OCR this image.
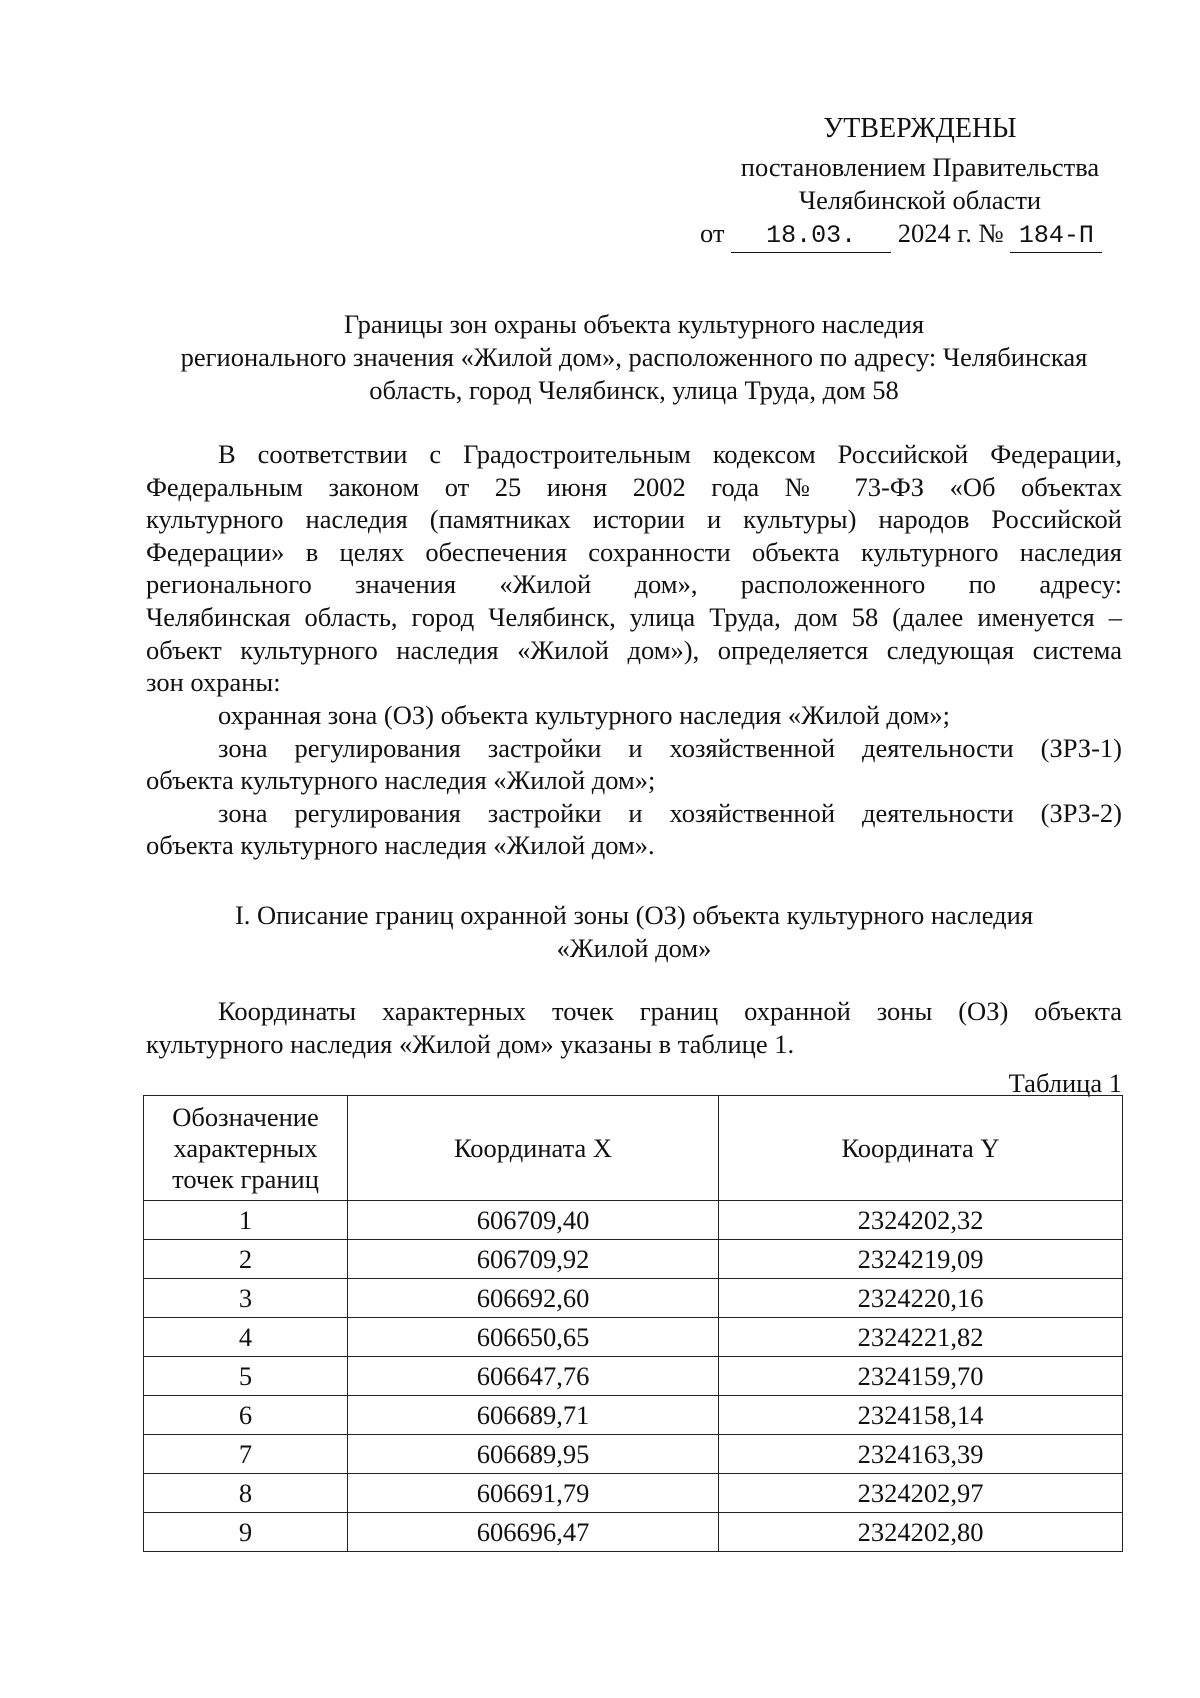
УТВЕРЖДЕНЫ
постановлением Правительства
Челябинской области
от 18.03. 2024 г. № 184-П
Границы зон охраны объекта культурного наследия
регионального значения «Жилой дом», расположенного по адресу: Челябинская
область, город Челябинск, улица Труда, дом 58
В соответствии с Градостроительным кодексом Российской Федерации,
Федеральным законом от 25 июня 2002 года № 73-ФЗ «Об объектах
культурного наследия (памятниках истории и культуры) народов Российской
Федерации» в целях обеспечения сохранности объекта культурного наследия
регионального значения «Жилой дом», расположенного по адресу:
Челябинская область, город Челябинск, улица Труда, дом 58 (далее именуется –
объект культурного наследия «Жилой дом»), определяется следующая система
зон охраны:
охранная зона (ОЗ) объекта культурного наследия «Жилой дом»;
зона регулирования застройки и хозяйственной деятельности (ЗРЗ-1)
объекта культурного наследия «Жилой дом»;
зона регулирования застройки и хозяйственной деятельности (ЗРЗ-2)
объекта культурного наследия «Жилой дом».
I. Описание границ охранной зоны (ОЗ) объекта культурного наследия
«Жилой дом»
Координаты характерных точек границ охранной зоны (ОЗ) объекта
культурного наследия «Жилой дом» указаны в таблице 1.
Таблица 1
Обозначение характерных точек границ	Координата X	Координата Y
1	606709,40	2324202,32
2	606709,92	2324219,09
3	606692,60	2324220,16
4	606650,65	2324221,82
5	606647,76	2324159,70
6	606689,71	2324158,14
7	606689,95	2324163,39
8	606691,79	2324202,97
9	606696,47	2324202,80
